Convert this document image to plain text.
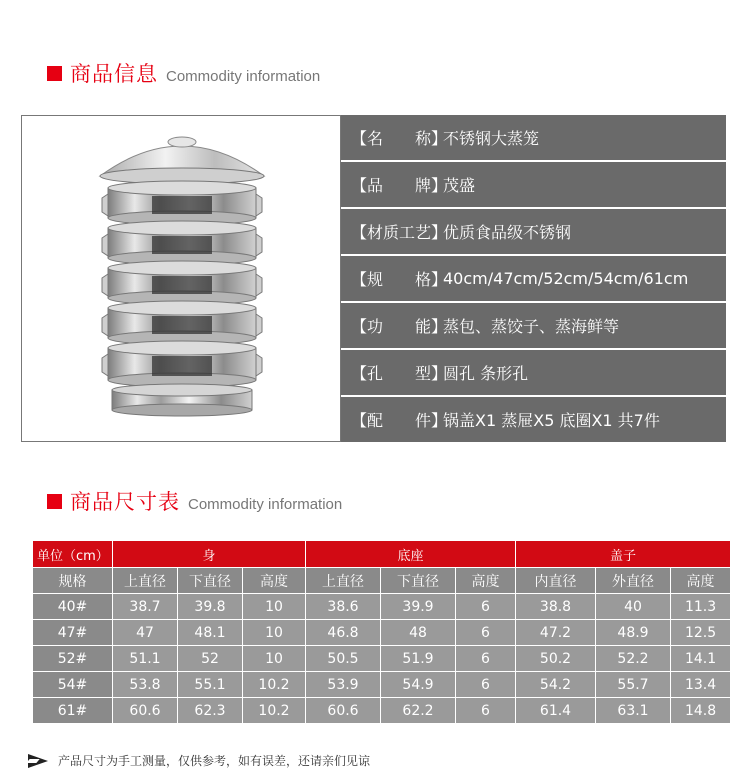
商品信息 Commodity information
【名　　称】
不锈钢大蒸笼
【品　　牌】
茂盛
【材质工艺】
优质食品级不锈钢
【规　　格】
40cm/47cm/52cm/54cm/61cm
【功　　能】
蒸包、蒸饺子、蒸海鲜等
【孔　　型】
圆孔 条形孔
【配　　件】
锅盖X1 蒸屉X5 底圈X1 共7件
商品尺寸表 Commodity information
单位（cm）	身			底座			盖子		
规格	上直径	下直径	高度	上直径	下直径	高度	内直径	外直径	高度
40#	38.7	39.8	10	38.6	39.9	6	38.8	40	11.3
47#	47	48.1	10	46.8	48	6	47.2	48.9	12.5
52#	51.1	52	10	50.5	51.9	6	50.2	52.2	14.1
54#	53.8	55.1	10.2	53.9	54.9	6	54.2	55.7	13.4
61#	60.6	62.3	10.2	60.6	62.2	6	61.4	63.1	14.8
产品尺寸为手工测量，仅供参考，如有误差，还请亲们见谅
